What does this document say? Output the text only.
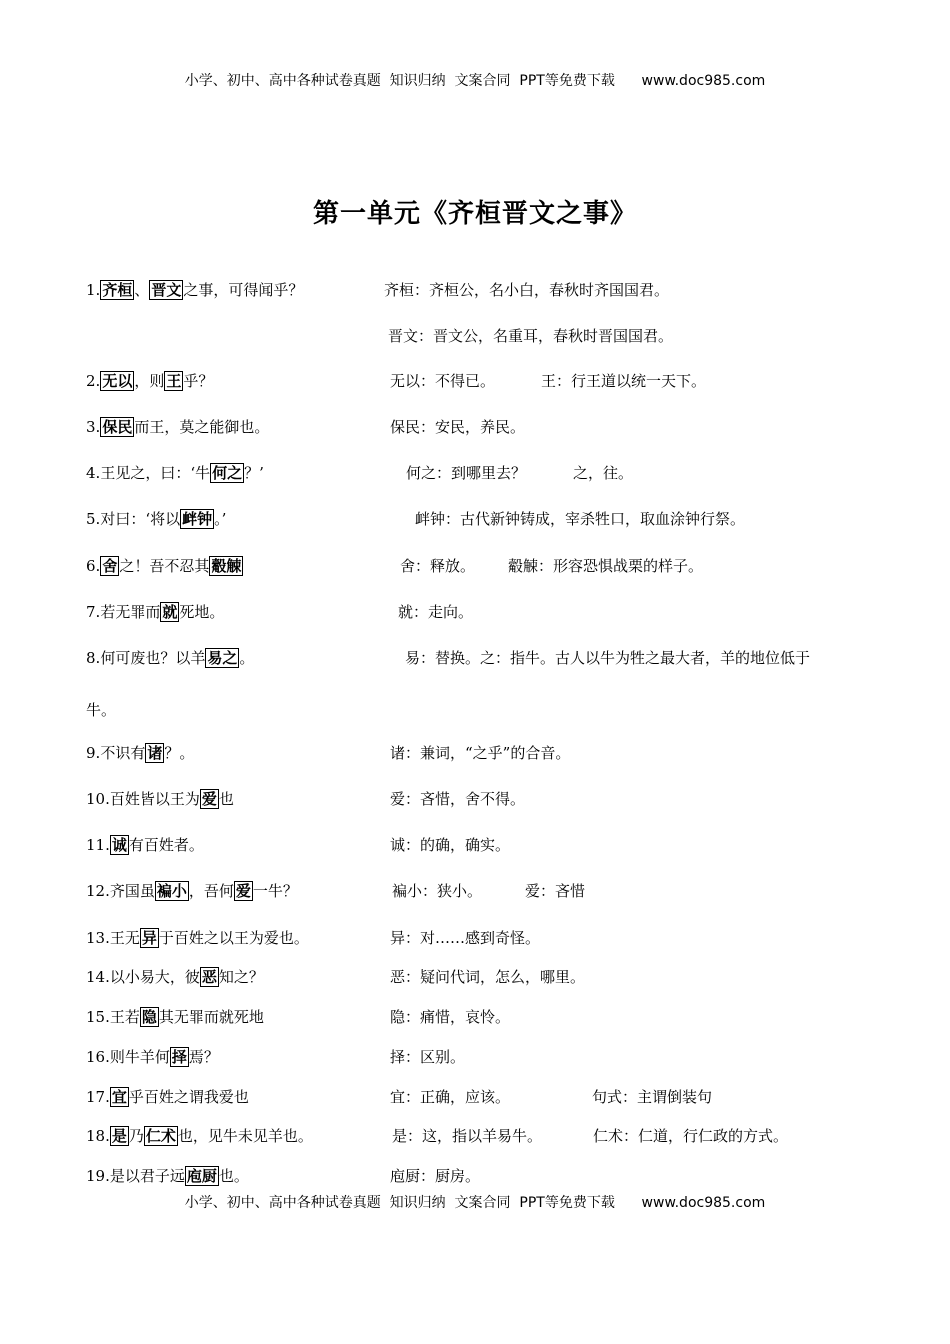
小学、初中、高中各种试卷真题  知识归纳  文案合同  PPT等免费下载      www.doc985.com
第一单元《齐桓晋文之事》
1. 齐桓 、 晋文 之事，可得闻乎？	齐桓：齐桓公，名小白，春秋时齐国国君。
晋文：晋文公，名重耳，春秋时晋国国君。
2. 无以 ，则 王 乎？	无以：不得已。	王：行王道以统一天下。
3. 保民 而王，莫之能御也。	保民：安民，养民。
4.王见之，曰：‘牛 何之 ？’	何之：到哪里去？	之，往。
5.对曰：‘将以 衅钟 。’	衅钟：古代新钟铸成，宰杀牲口，取血涂钟行祭。
6. 舍 之！吾不忍其 觳觫	舍：释放。 觳觫：形容恐惧战栗的样子。
7.若无罪而 就 死地。	就：走向。
8.何可废也？以羊 易之 。	易：替换。之：指牛。古人以牛为牲之最大者，羊的地位低于
牛。
9.不识有 诸 ？。	诸：兼词，“之乎”的合音。
10.百姓皆以王为 爱 也	爱：吝惜，舍不得。
11. 诚 有百姓者。	诚：的确，确实。
12.齐国虽 褊小 ，吾何 爱 一牛？	褊小：狭小。	爱：吝惜
13.王无 异 于百姓之以王为爱也。	异：对……感到奇怪。
14.以小易大，彼 恶 知之？	恶：疑问代词，怎么，哪里。
15.王若 隐 其无罪而就死地	隐：痛惜，哀怜。
16.则牛羊何 择 焉？	择：区别。
17. 宜 乎百姓之谓我爱也	宜：正确，应该。	句式：主谓倒装句
18. 是 乃 仁术 也，见牛未见羊也。	是：这，指以羊易牛。	仁术：仁道，行仁政的方式。
19.是以君子远 庖厨 也。	庖厨：厨房。
小学、初中、高中各种试卷真题  知识归纳  文案合同  PPT等免费下载      www.doc985.com
